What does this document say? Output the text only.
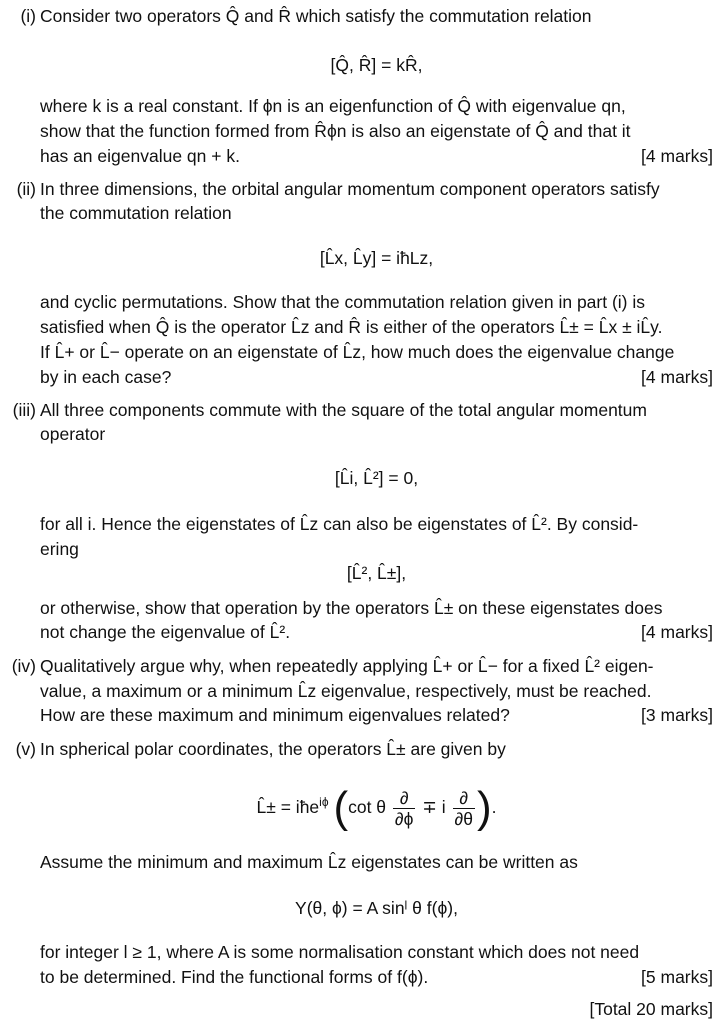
(i) Consider two operators Q̂ and R̂ which satisfy the commutation relation
[Q̂, R̂] = kR̂,
where k is a real constant. If ϕn is an eigenfunction of Q̂ with eigenvalue qn,
show that the function formed from R̂ϕn is also an eigenstate of Q̂ and that it
has an eigenvalue qn + k.	[4 marks]
(ii) In three dimensions, the orbital angular momentum component operators satisfy
the commutation relation
[L̂x, L̂y] = iħLz,
and cyclic permutations. Show that the commutation relation given in part (i) is
satisfied when Q̂ is the operator L̂z and R̂ is either of the operators L̂± = L̂x ± iL̂y.
If L̂+ or L̂− operate on an eigenstate of L̂z, how much does the eigenvalue change
by in each case?	[4 marks]
(iii) All three components commute with the square of the total angular momentum
operator
[L̂i, L̂²] = 0,
for all i. Hence the eigenstates of L̂z can also be eigenstates of L̂². By consid-
ering
[L̂², L̂±],
or otherwise, show that operation by the operators L̂± on these eigenstates does
not change the eigenvalue of L̂².	[4 marks]
(iv) Qualitatively argue why, when repeatedly applying L̂+ or L̂− for a fixed L̂² eigen-
value, a maximum or a minimum L̂z eigenvalue, respectively, must be reached.
How are these maximum and minimum eigenvalues related?	[3 marks]
(v) In spherical polar coordinates, the operators L̂± are given by
L̂± = iħe$^{i\phi}$ (cot θ $\frac{\partial}{\partial\phi} \mp i \frac{\partial}{\partial\theta}$ ).
Assume the minimum and maximum L̂z eigenstates can be written as
Y(θ, ϕ) = A sinˡ θ f(ϕ),
for integer l ≥ 1, where A is some normalisation constant which does not need
to be determined. Find the functional forms of f(ϕ).	[5 marks]
[Total 20 marks]
